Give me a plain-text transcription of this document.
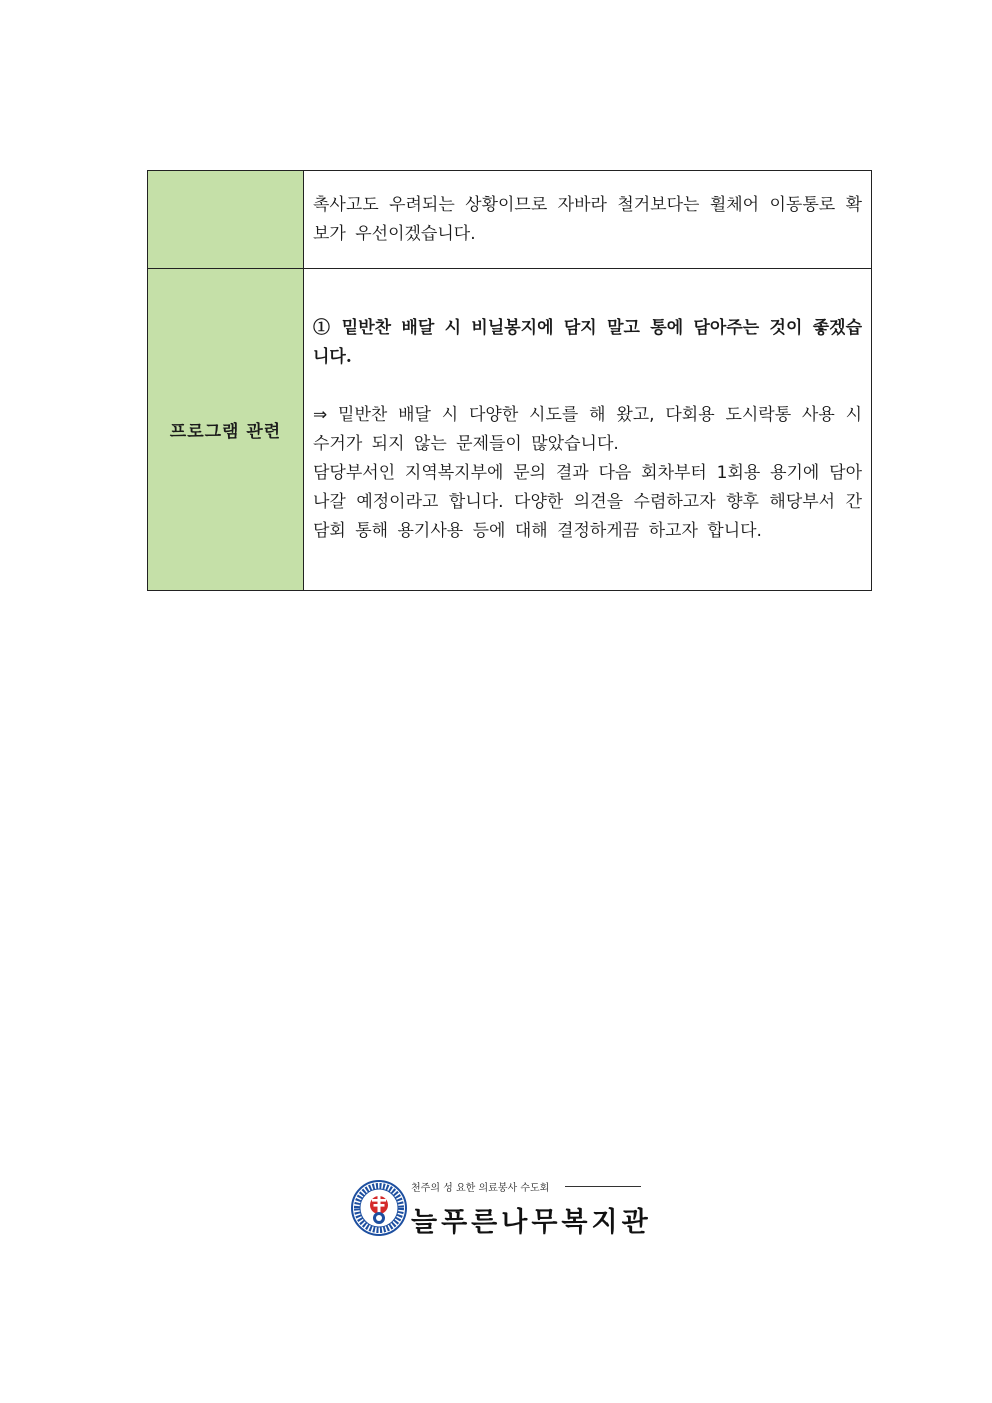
	촉사고도 우려되는 상황이므로 자바라 철거보다는 휠체어 이동통로 확보가 우선이겠습니다.

프로그램 관련	① 밑반찬 배달 시 비닐봉지에 담지 말고 통에 담아주는 것이 좋겠습니다.

⇒ 밑반찬 배달 시 다양한 시도를 해 왔고, 다회용 도시락통 사용 시 수거가 되지 않는 문제들이 많았습니다.

담당부서인 지역복지부에 문의 결과 다음 회차부터 1회용 용기에 담아 나갈 예정이라고 합니다. 다양한 의견을 수렴하고자 향후 해당부서 간담회 통해 용기사용 등에 대해 결정하게끔 하고자 합니다.

천주의 성 요한 의료봉사 수도회
늘푸른나무복지관
